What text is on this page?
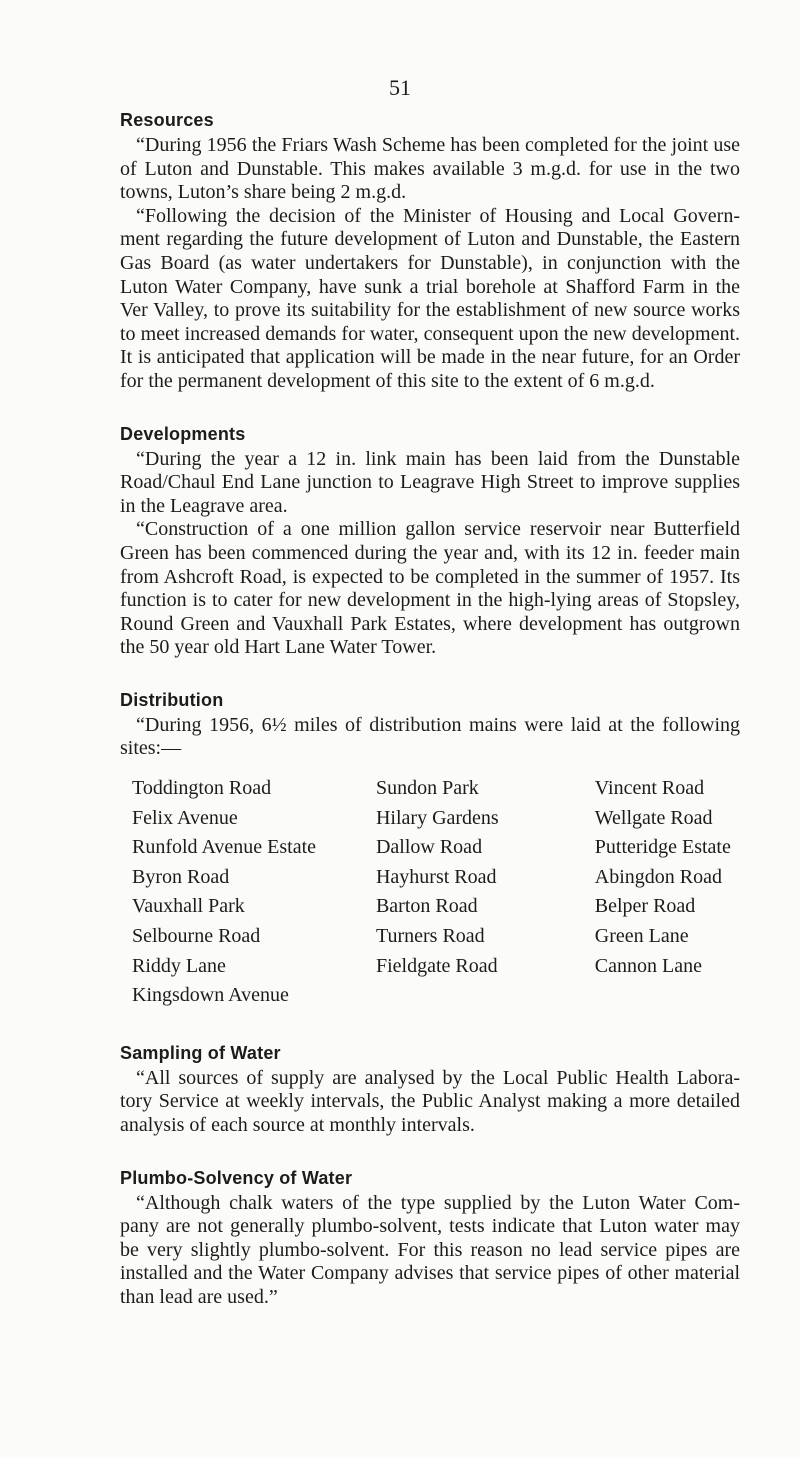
51
Resources

“During 1956 the Friars Wash Scheme has been completed for the joint use of Luton and Dunstable. This makes available 3 m.g.d. for use in the two towns, Luton’s share being 2 m.g.d.

“Following the decision of the Minister of Housing and Local Govern- ment regarding the future development of Luton and Dunstable, the Eastern Gas Board (as water undertakers for Dunstable), in conjunction with the Luton Water Company, have sunk a trial borehole at Shafford Farm in the Ver Valley, to prove its suitability for the establishment of new source works to meet increased demands for water, consequent upon the new development. It is anticipated that application will be made in the near future, for an Order for the permanent development of this site to the extent of 6 m.g.d.

Developments

“During the year a 12 in. link main has been laid from the Dunstable Road/Chaul End Lane junction to Leagrave High Street to improve supplies in the Leagrave area.

“Construction of a one million gallon service reservoir near Butterfield Green has been commenced during the year and, with its 12 in. feeder main from Ashcroft Road, is expected to be completed in the summer of 1957. Its function is to cater for new development in the high-lying areas of Stopsley, Round Green and Vauxhall Park Estates, where development has outgrown the 50 year old Hart Lane Water Tower.

Distribution

“During 1956, 6½ miles of distribution mains were laid at the following sites:—

Toddington Road
Felix Avenue
Runfold Avenue Estate
Byron Road
Vauxhall Park
Selbourne Road
Riddy Lane
Kingsdown Avenue
Sundon Park
Hilary Gardens
Dallow Road
Hayhurst Road
Barton Road
Turners Road
Fieldgate Road
Vincent Road
Wellgate Road
Putteridge Estate
Abingdon Road
Belper Road
Green Lane
Cannon Lane
Sampling of Water

“All sources of supply are analysed by the Local Public Health Labora- tory Service at weekly intervals, the Public Analyst making a more detailed analysis of each source at monthly intervals.

Plumbo-Solvency of Water

“Although chalk waters of the type supplied by the Luton Water Com- pany are not generally plumbo-solvent, tests indicate that Luton water may be very slightly plumbo-solvent. For this reason no lead service pipes are installed and the Water Company advises that service pipes of other material than lead are used.”
